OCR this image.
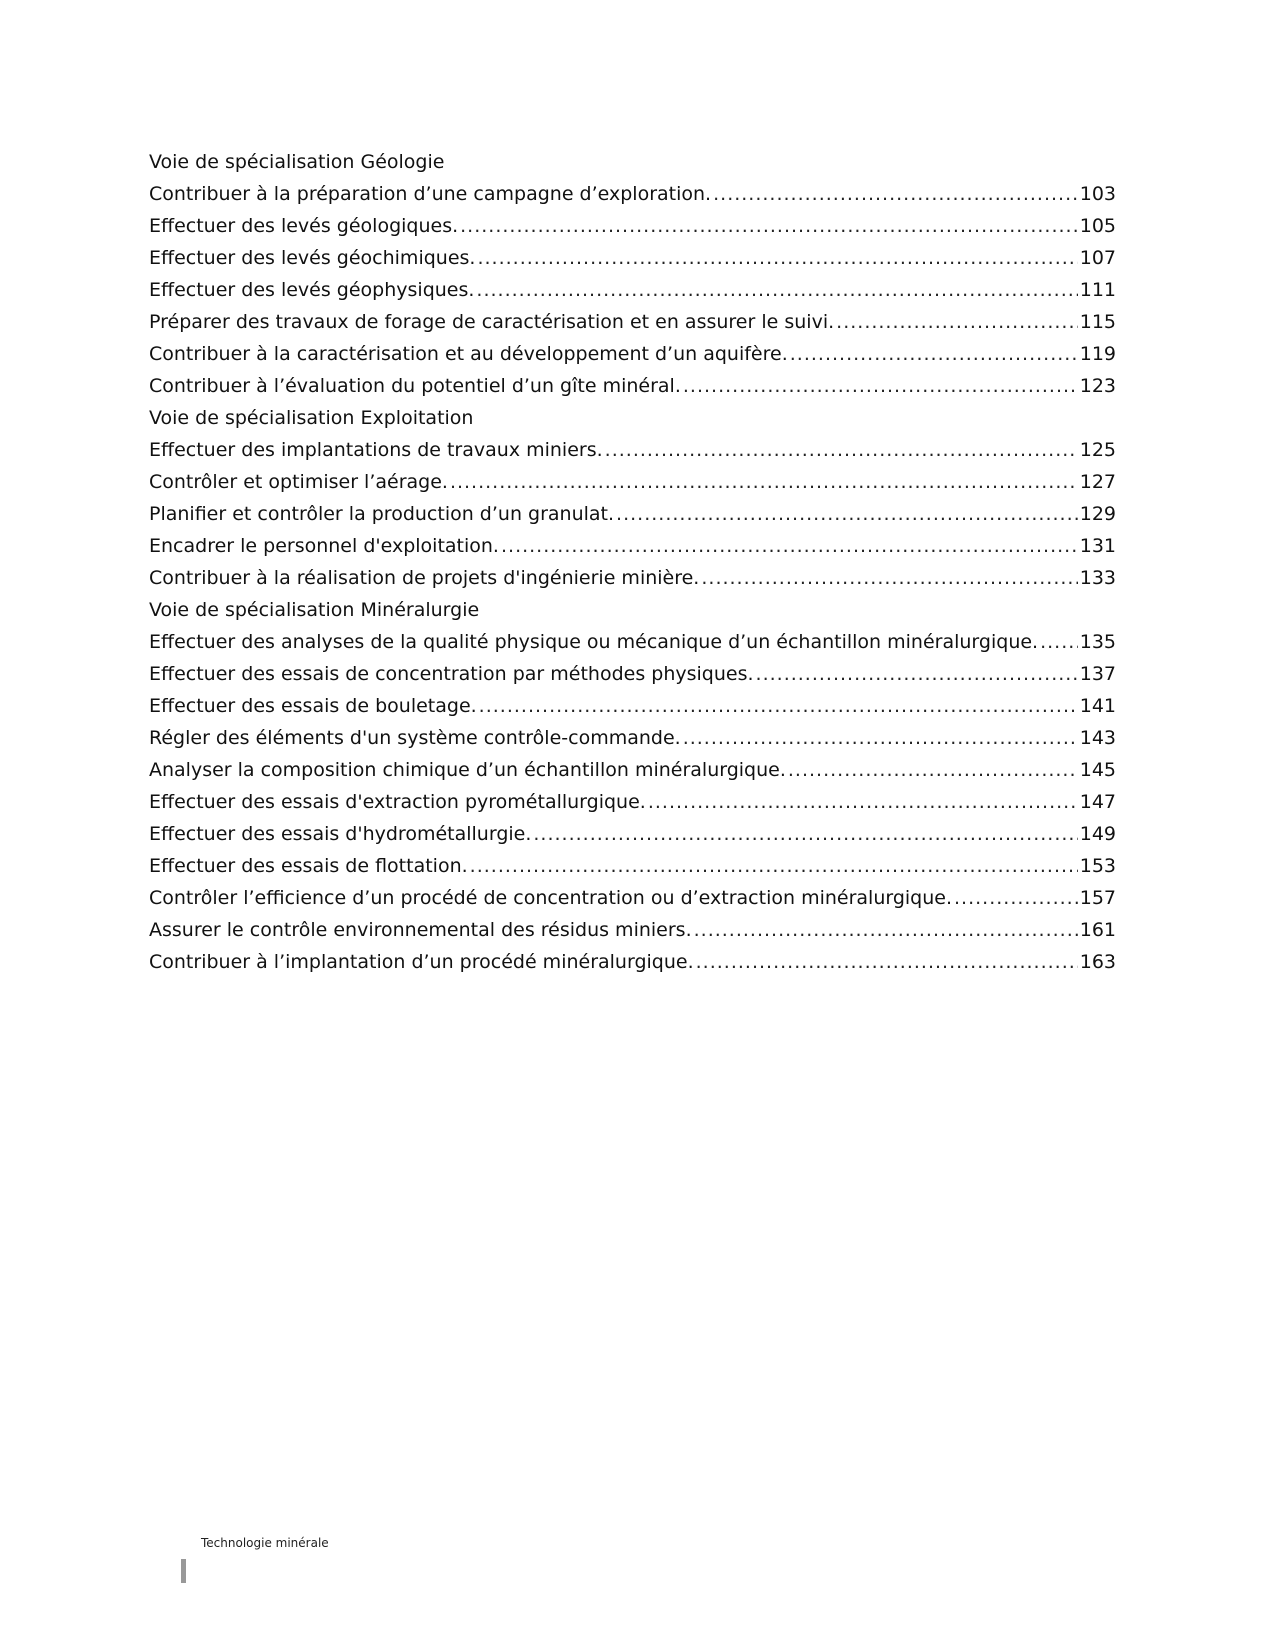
Voie de spécialisation Géologie
Contribuer à la préparation d’une campagne d’exploration. .....	103
Effectuer des levés géologiques. .....	105
Effectuer des levés géochimiques. .....	107
Effectuer des levés géophysiques. .....	111
Préparer des travaux de forage de caractérisation et en assurer le suivi. .....	115
Contribuer à la caractérisation et au développement d’un aquifère. .....	119
Contribuer à l’évaluation du potentiel d’un gîte minéral. .....	123
Voie de spécialisation Exploitation
Effectuer des implantations de travaux miniers. .....	125
Contrôler et optimiser l’aérage. .....	127
Planifier et contrôler la production d’un granulat. .....	129
Encadrer le personnel d'exploitation. .....	131
Contribuer à la réalisation de projets d'ingénierie minière. .....	133
Voie de spécialisation Minéralurgie
Effectuer des analyses de la qualité physique ou mécanique d’un échantillon minéralurgique. ..... 135
Effectuer des essais de concentration par méthodes physiques. .....	137
Effectuer des essais de bouletage. .....	141
Régler des éléments d'un système contrôle-commande. .....	143
Analyser la composition chimique d’un échantillon minéralurgique. .....	145
Effectuer des essais d'extraction pyrométallurgique. .....	147
Effectuer des essais d'hydrométallurgie. .....	149
Effectuer des essais de flottation. .....	153
Contrôler l’efficience d’un procédé de concentration ou d’extraction minéralurgique. .....	157
Assurer le contrôle environnemental des résidus miniers. .....	161
Contribuer à l’implantation d’un procédé minéralurgique. .....	163
Technologie minérale
